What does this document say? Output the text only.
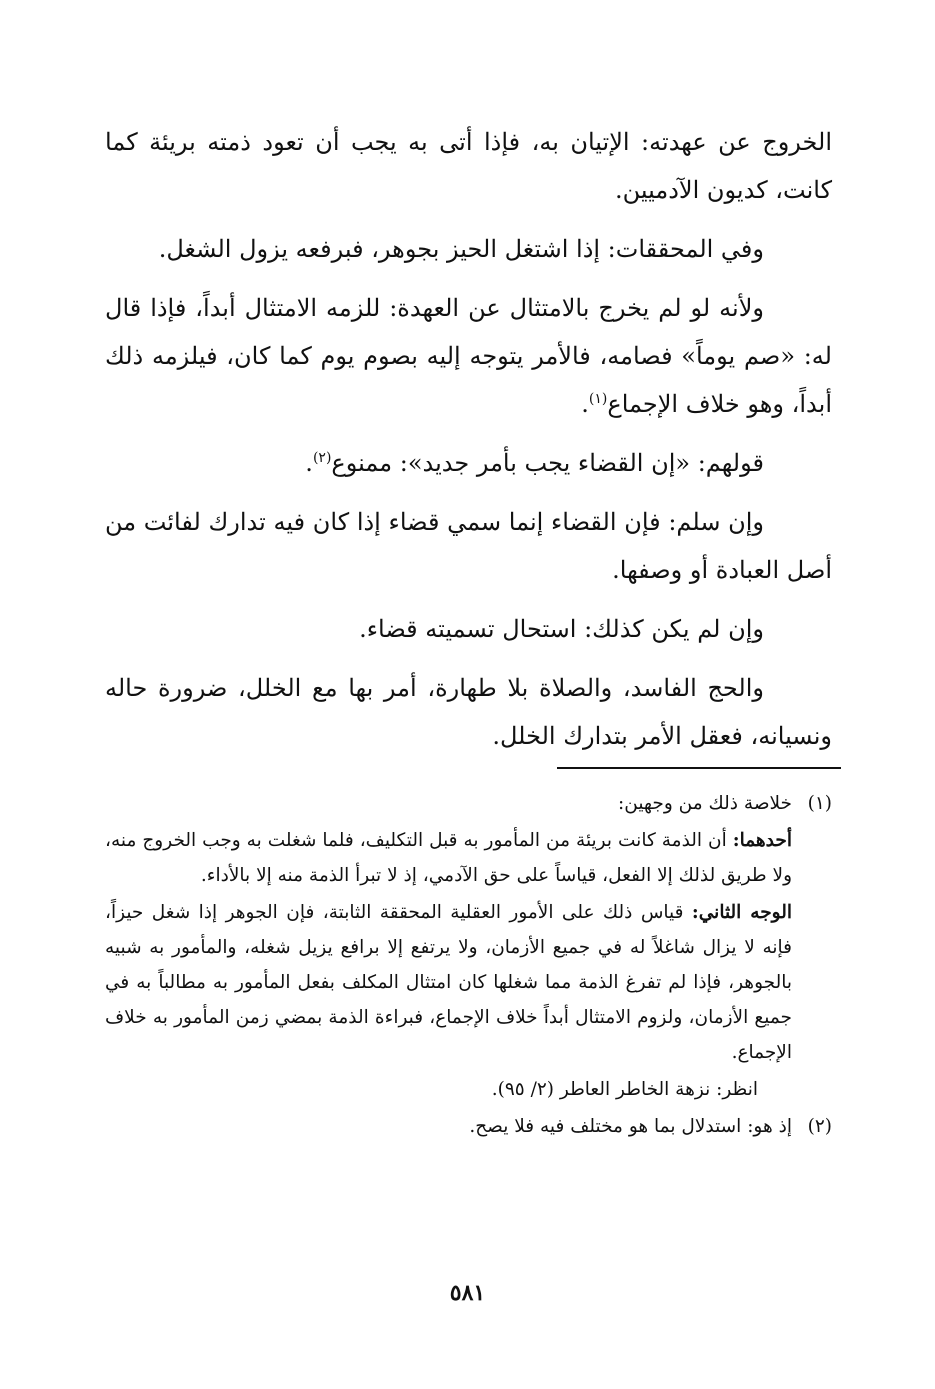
الخروج عن عهدته: الإتيان به، فإذا أتى به يجب أن تعود ذمته بريئة كما كانت، كديون الآدميين.

وفي المحققات: إذا اشتغل الحيز بجوهر، فبرفعه يزول الشغل.

ولأنه لو لم يخرج بالامتثال عن العهدة: للزمه الامتثال أبداً، فإذا قال له: «صم يوماً» فصامه، فالأمر يتوجه إليه بصوم يوم كما كان، فيلزمه ذلك أبداً، وهو خلاف الإجماع$^{(١)}$.

قولهم: «إن القضاء يجب بأمر جديد»: ممنوع$^{(٢)}$.

وإن سلم: فإن القضاء إنما سمي قضاء إذا كان فيه تدارك لفائت من أصل العبادة أو وصفها.

وإن لم يكن كذلك: استحال تسميته قضاء.

والحج الفاسد، والصلاة بلا طهارة، أمر بها مع الخلل، ضرورة حاله ونسيانه، فعقل الأمر بتدارك الخلل.

(١)خلاصة ذلك من وجهين:

أحدهما: أن الذمة كانت بريئة من المأمور به قبل التكليف، فلما شغلت به وجب الخروج منه، ولا طريق لذلك إلا الفعل، قياساً على حق الآدمي، إذ لا تبرأ الذمة منه إلا بالأداء.

الوجه الثاني: قياس ذلك على الأمور العقلية المحققة الثابتة، فإن الجوهر إذا شغل حيزاً، فإنه لا يزال شاغلاً له في جميع الأزمان، ولا يرتفع إلا برافع يزيل شغله، والمأمور به شبيه بالجوهر، فإذا لم تفرغ الذمة مما شغلها كان امتثال المكلف بفعل المأمور به مطالباً به في جميع الأزمان، ولزوم الامتثال أبداً خلاف الإجماع، فبراءة الذمة بمضي زمن المأمور به خلاف الإجماع.

انظر: نزهة الخاطر العاطر (٢/ ٩٥).

(٢)إذ هو: استدلال بما هو مختلف فيه فلا يصح.

٥٨١
